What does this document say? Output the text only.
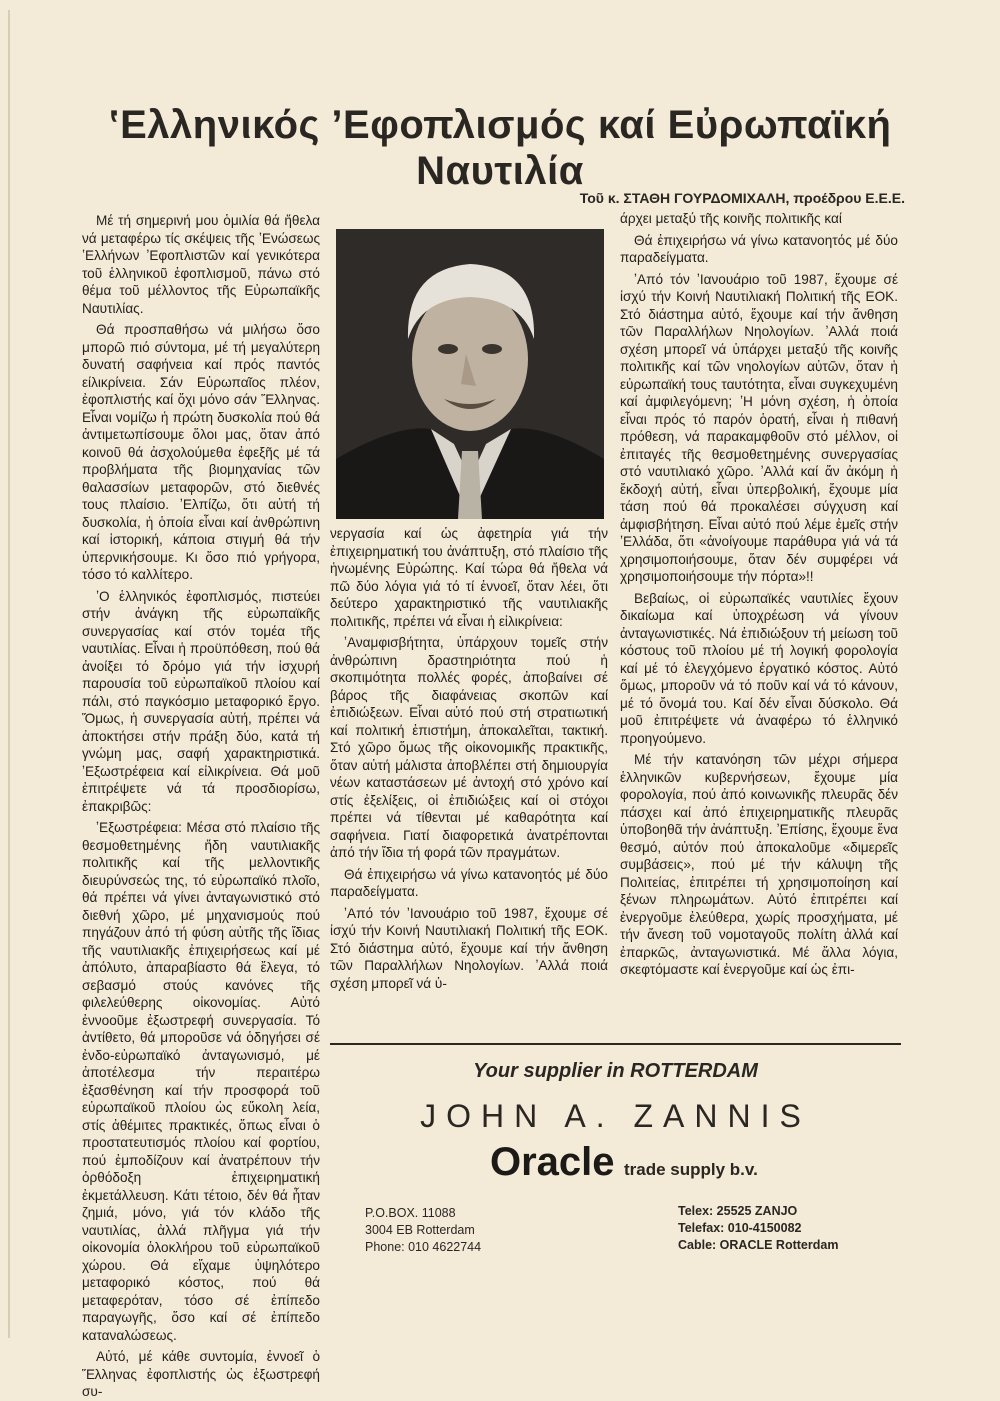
ʽΕλληνικός ʼΕφοπλισμός καί Εὐρωπαϊκή Ναυτιλία
Τοῦ κ. ΣΤΑΘΗ ΓΟΥΡΔΟΜΙΧΑΛΗ, προέδρου Ε.Ε.Ε.

Μέ τή σημερινή μου ὁμιλία θά ἤθελα νά μεταφέρω τίς σκέψεις τῆς ʽΕνώσεως ʽΕλλήνων ʼΕφοπλιστῶν καί γενικότερα τοῦ ἑλληνικοῦ ἐφοπλισμοῦ, πάνω στό θέμα τοῦ μέλλοντος τῆς Εὐρωπαϊκῆς Ναυτιλίας.

Θά προσπαθήσω νά μιλήσω ὅσο μπορῶ πιό σύντομα, μέ τή μεγαλύτερη δυνατή σαφήνεια καί πρός παντός είλικρίνεια. Σάν Εὐρωπαῖος πλέον, ἐφοπλιστής καί ὄχι μόνο σάν Ἕλληνας. Εἶναι νομίζω ἡ πρώτη δυσκολία πού θά ἀντιμετωπίσουμε ὅλοι μας, ὅταν ἀπό κοινοῦ θά ἀσχολούμεθα ἐφεξῆς μέ τά προβλήματα τῆς βιομηχανίας τῶν θαλασσίων μεταφορῶν, στό διεθνές τους πλαίσιο. ʼΕλπίζω, ὅτι αὐτή τή δυσκολία, ἡ ὁποία εἶναι καί ἀνθρώπινη καί ἱστορική, κάποια στιγμή θά τήν ὑπερνικήσουμε. Κι ὅσο πιό γρήγορα, τόσο τό καλλίτερο.

ʽΟ ἑλληνικός ἐφοπλισμός, πιστεύει στήν ἀνάγκη τῆς εὐρωπαϊκῆς συνεργασίας καί στόν τομέα τῆς ναυτιλίας. Εἶναι ἡ προϋπόθεση, πού θά ἀνοίξει τό δρόμο γιά τήν ἰσχυρή παρουσία τοῦ εὐρωπαϊκοῦ πλοίου καί πάλι, στό παγκόσμιο μεταφορικό ἔργο. Ὅμως, ἡ συνεργασία αὐτή, πρέπει νά ἀποκτήσει στήν πράξη δύο, κατά τή γνώμη μας, σαφή χαρακτηριστικά. ʼΕξωστρέφεια καί εἰλικρίνεια. Θά μοῦ ἐπιτρέψετε νά τά προσδιορίσω, ἐπακριβῶς:

ʼΕξωστρέφεια: Μέσα στό πλαίσιο τῆς θεσμοθετημένης ἤδη ναυτιλιακῆς πολιτικῆς καί τῆς μελλοντικῆς διευρύνσεώς της, τό εὐρωπαϊκό πλοῖο, θά πρέπει νά γίνει ἀνταγωνιστικό στό διεθνή χῶρο, μέ μηχανισμούς πού πηγάζουν ἀπό τή φύση αὐτῆς τῆς ἴδιας τῆς ναυτιλιακῆς ἐπιχειρήσεως καί μέ ἀπόλυτο, ἀπαραβίαστο θά ἔλεγα, τό σεβασμό στούς κανόνες τῆς φιλελεύθερης οἰκονομίας. Αὐτό ἐννοοῦμε ἐξωστρεφή συνεργασία. Τό ἀντίθετο, θά μποροῦσε νά ὁδηγήσει σέ ἐνδο-εὐρωπαϊκό ἀνταγωνισμό, μέ ἀποτέλεσμα τήν περαιτέρω ἐξασθένηση καί τήν προσφορά τοῦ εὐρωπαϊκοῦ πλοίου ὡς εὔκολη λεία, στίς ἀθέμιτες πρακτικές, ὅπως εἶναι ὁ προστατευτισμός πλοίου καί φορτίου, πού ἐμποδίζουν καί ἀνατρέπουν τήν ὀρθόδοξη ἐπιχειρηματική ἐκμετάλλευση. Κάτι τέτοιο, δέν θά ἦταν ζημιά, μόνο, γιά τόν κλάδο τῆς ναυτιλίας, ἀλλά πλῆγμα γιά τήν οἰκονομία ὁλοκλήρου τοῦ εὐρωπαϊκοῦ χώρου. Θά εἴχαμε ὑψηλότερο μεταφορικό κόστος, πού θά μεταφερόταν, τόσο σέ ἐπίπεδο παραγωγῆς, ὅσο καί σέ ἐπίπεδο καταναλώσεως.

Αὐτό, μέ κάθε συντομία, ἐννοεῖ ὁ Ἕλληνας ἐφοπλιστής ὡς ἐξωστρεφή συ-

νεργασία καί ὡς ἀφετηρία γιά τήν ἐπιχειρηματική του ἀνάπτυξη, στό πλαίσιο τῆς ἡνωμένης Εὐρώπης. Καί τώρα θά ἤθελα νά πῶ δύο λόγια γιά τό τί ἐννοεῖ, ὅταν λέει, ὅτι δεύτερο χαρακτηριστικό τῆς ναυτιλιακῆς πολιτικῆς, πρέπει νά εἶναι ἡ εἰλικρίνεια:

ʼΑναμφισβήτητα, ὑπάρχουν τομεῖς στήν ἀνθρώπινη δραστηριότητα πού ἡ σκοπιμότητα πολλές φορές, ἀποβαίνει σέ βάρος τῆς διαφάνειας σκοπῶν καί ἐπιδιώξεων. Εἶναι αὐτό πού στή στρατιωτική καί πολιτική ἐπιστήμη, ἀποκαλεῖται, τακτική. Στό χῶρο ὅμως τῆς οἰκονομικῆς πρακτικῆς, ὅταν αὐτή μάλιστα ἀποβλέπει στή δημιουργία νέων καταστάσεων μέ ἀντοχή στό χρόνο καί στίς ἐξελίξεις, οἱ ἐπιδιώξεις καί οἱ στόχοι πρέπει νά τίθενται μέ καθαρότητα καί σαφήνεια. Γιατί διαφορετικά ἀνατρέπονται ἀπό τήν ἴδια τή φορά τῶν πραγμάτων.

Θά ἐπιχειρήσω νά γίνω κατανοητός μέ δύο παραδείγματα.

ʼΑπό τόν ʼΙανουάριο τοῦ 1987, ἔχουμε σέ ἰσχύ τήν Κοινή Ναυτιλιακή Πολιτική τῆς ΕΟΚ. Στό διάστημα αὐτό, ἔχουμε καί τήν ἄνθηση τῶν Παραλλήλων Νηολογίων. ʼΑλλά ποιά σχέση μπορεῖ νά ὑ-

άρχει μεταξύ τῆς κοινῆς πολιτικῆς καί

Θά ἐπιχειρήσω νά γίνω κατανοητός μέ δύο παραδείγματα.

ʼΑπό τόν ʼΙανουάριο τοῦ 1987, ἔχουμε σέ ἰσχύ τήν Κοινή Ναυτιλιακή Πολιτική τῆς ΕΟΚ. Στό διάστημα αὐτό, ἔχουμε καί τήν ἄνθηση τῶν Παραλλήλων Νηολογίων. ʼΑλλά ποιά σχέση μπορεῖ νά ὑπάρχει μεταξύ τῆς κοινῆς πολιτικῆς καί τῶν νηολογίων αὐτῶν, ὅταν ἡ εὐρωπαϊκή τους ταυτότητα, εἶναι συγκεχυμένη καί ἀμφιλεγόμενη; ʽΗ μόνη σχέση, ἡ ὁποία εἶναι πρός τό παρόν ὁρατή, εἶναι ἡ πιθανή πρόθεση, νά παρακαμφθοῦν στό μέλλον, οἱ ἐπιταγές τῆς θεσμοθετημένης συνεργασίας στό ναυτιλιακό χῶρο. ʼΑλλά καί ἄν ἀκόμη ἡ ἔκδοχή αὐτή, εἶναι ὑπερβολική, ἔχουμε μία τάση πού θά προκαλέσει σύγχυση καί ἀμφισβήτηση. Εἶναι αὐτό πού λέμε ἐμεῖς στήν ʽΕλλάδα, ὅτι «ἀνοίγουμε παράθυρα γιά νά τά χρησιμοποιήσουμε, ὅταν δέν συμφέρει νά χρησιμοποιήσουμε τήν πόρτα»!!

Βεβαίως, οἱ εὐρωπαϊκές ναυτιλίες ἔχουν δικαίωμα καί ὑποχρέωση νά γίνουν ἀνταγωνιστικές. Νά ἐπιδιώξουν τή μείωση τοῦ κόστους τοῦ πλοίου μέ τή λογική φορολογία καί μέ τό ἐλεγχόμενο ἐργατικό κόστος. Αὐτό ὅμως, μποροῦν νά τό ποῦν καί νά τό κάνουν, μέ τό ὄνομά του. Καί δέν εἶναι δύσκολο. Θά μοῦ ἐπιτρέψετε νά ἀναφέρω τό ἑλληνικό προηγούμενο.

Μέ τήν κατανόηση τῶν μέχρι σήμερα ἑλληνικῶν κυβερνήσεων, ἔχουμε μία φορολογία, πού ἀπό κοινωνικῆς πλευρᾶς δέν πάσχει καί ἀπό ἐπιχειρηματικῆς πλευρᾶς ὑποβοηθᾶ τήν ἀνάπτυξη. ʼΕπίσης, ἔχουμε ἕνα θεσμό, αὐτόν πού ἀποκαλοῦμε «διμερεῖς συμβάσεις», πού μέ τήν κάλυψη τῆς Πολιτείας, ἐπιτρέπει τή χρησιμοποίηση καί ξένων πληρωμάτων. Αὐτό ἐπιτρέπει καί ἐνεργοῦμε ἐλεύθερα, χωρίς προσχήματα, μέ τήν ἄνεση τοῦ νομοταγοῦς πολίτη ἀλλά καί ἐπαρκῶς, ἀνταγωνιστικά. Μέ ἄλλα λόγια, σκεφτόμαστε καί ἐνεργοῦμε καί ὡς ἐπι-

Your supplier in ROTTERDAM
JOHN A. ZANNIS
Oracle trade supply b.v.
P.O.BOX. 11088
3004 EB Rotterdam
Phone: 010 4622744
Telex: 25525 ZANJO
Telefax: 010-4150082
Cable: ORACLE Rotterdam
